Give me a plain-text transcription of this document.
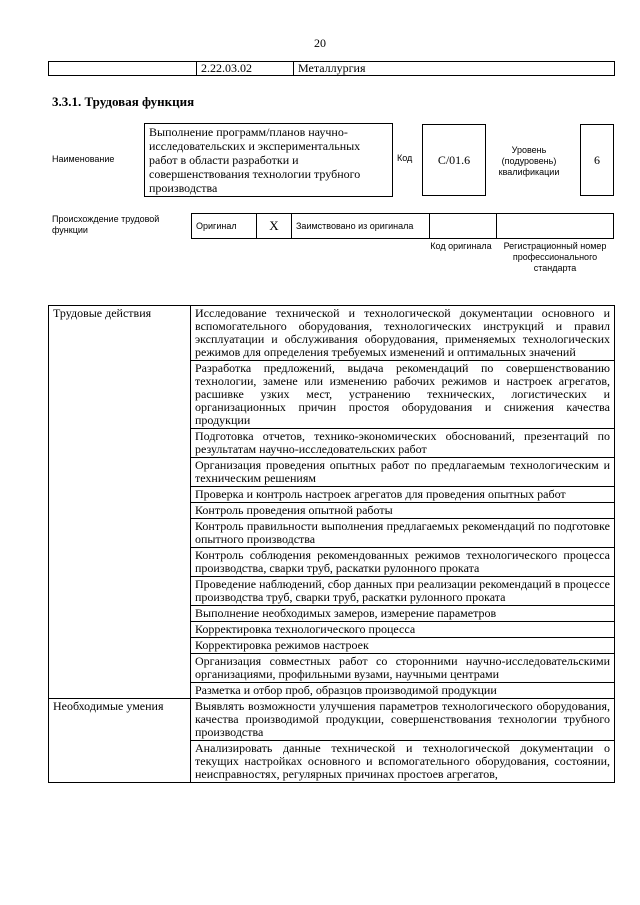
20
	2.22.03.02	Металлургия
3.3.1. Трудовая функция
Наименование
Выполнение программ/планов научно-исследовательских и экспериментальных работ в области разработки и совершенствования технологии трубного производства
Код	C/01.6
Уровень (подуровень) квалификации
6
Происхождение трудовой функции	Оригинал	X	Заимствовано из оригинала		
Код оригинала	Регистрационный номер профессионального стандарта
Трудовые действия	Исследование технической и технологической документации основного и вспомогательного оборудования, технологических инструкций и правил эксплуатации и обслуживания оборудования, применяемых технологических режимов для определения требуемых изменений и оптимальных значений
	Разработка предложений, выдача рекомендаций по совершенствованию технологии, замене или изменению рабочих режимов и настроек агрегатов, расшивке узких мест, устранению технических, логистических и организационных причин простоя оборудования и снижения качества продукции
	Подготовка отчетов, технико-экономических обоснований, презентаций по результатам научно-исследовательских работ
	Организация проведения опытных работ по предлагаемым технологическим и техническим решениям
	Проверка и контроль настроек агрегатов для проведения опытных работ
	Контроль проведения опытной работы
	Контроль правильности выполнения предлагаемых рекомендаций по подготовке опытного производства
	Контроль соблюдения рекомендованных режимов технологического процесса производства, сварки труб, раскатки рулонного проката
	Проведение наблюдений, сбор данных при реализации рекомендаций в процессе производства труб, сварки труб, раскатки рулонного проката
	Выполнение необходимых замеров, измерение параметров
	Корректировка технологического процесса
	Корректировка режимов настроек
	Организация совместных работ со сторонними научно-исследовательскими организациями, профильными вузами, научными центрами
	Разметка и отбор проб, образцов производимой продукции
Необходимые умения	Выявлять возможности улучшения параметров технологического оборудования, качества производимой продукции, совершенствования технологии трубного производства
	Анализировать данные технической и технологической документации о текущих настройках основного и вспомогательного оборудования, состоянии, неисправностях, регулярных причинах простоев агрегатов,
